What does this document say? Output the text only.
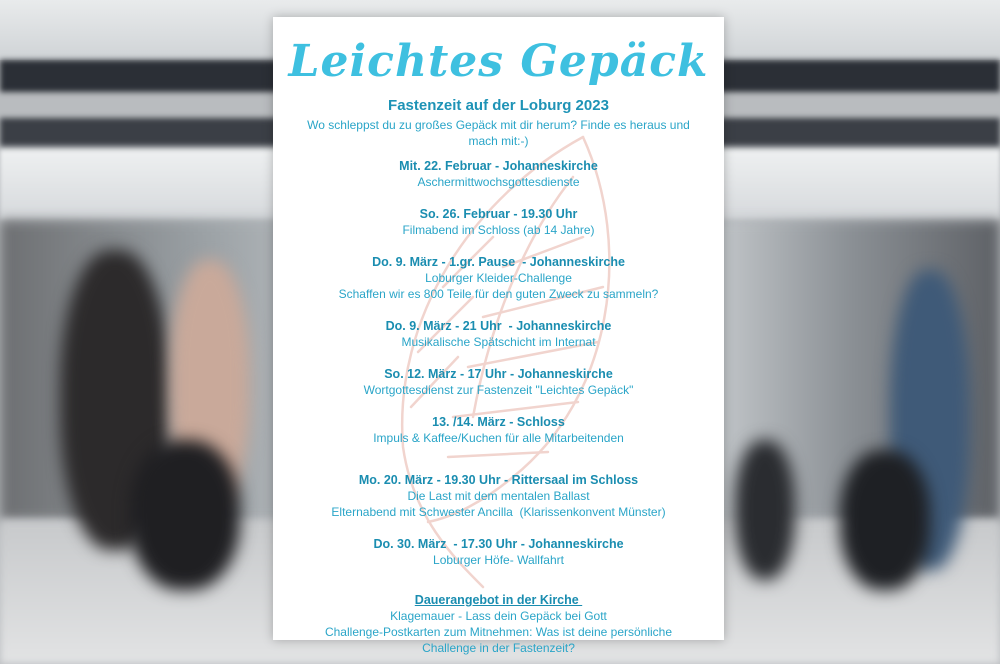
Leichtes Gepäck
Fastenzeit auf der Loburg 2023
Wo schleppst du zu großes Gepäck mit dir herum? Finde es heraus und mach mit:-)
Mit. 22. Februar - Johanneskirche
Aschermittwochsgottesdienste
So. 26. Februar - 19.30 Uhr
Filmabend im Schloss (ab 14 Jahre)
Do. 9. März - 1.gr. Pause  - Johanneskirche
Loburger Kleider-Challenge
Schaffen wir es 800 Teile für den guten Zweck zu sammeln?
Do. 9. März - 21 Uhr  - Johanneskirche
Musikalische Spätschicht im Internat
So. 12. März - 17 Uhr - Johanneskirche
Wortgottesdienst zur Fastenzeit "Leichtes Gepäck"
13. /14. März - Schloss
Impuls & Kaffee/Kuchen für alle Mitarbeitenden
Mo. 20. März - 19.30 Uhr - Rittersaal im Schloss
Die Last mit dem mentalen Ballast
Elternabend mit Schwester Ancilla  (Klarissenkonvent Münster)
Do. 30. März  - 17.30 Uhr - Johanneskirche
Loburger Höfe- Wallfahrt
Dauerangebot in der Kirche
Klagemauer - Lass dein Gepäck bei Gott
Challenge-Postkarten zum Mitnehmen: Was ist deine persönliche Challenge in der Fastenzeit?
